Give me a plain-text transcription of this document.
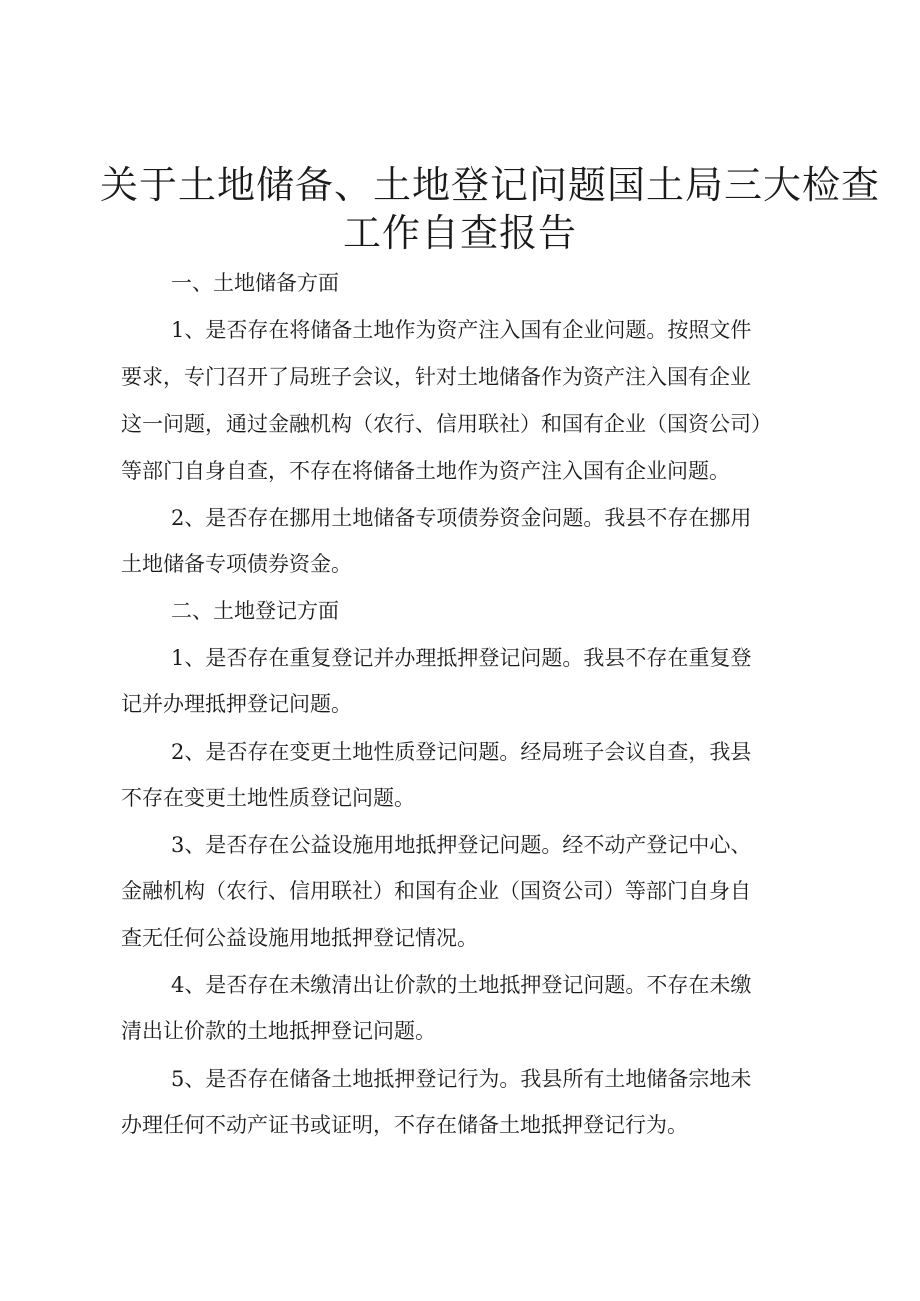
关于土地储备、土地登记问题国土局三大检查
工作自查报告

一、土地储备方面

1、是否存在将储备土地作为资产注入国有企业问题。按照文件

要求，专门召开了局班子会议，针对土地储备作为资产注入国有企业

这一问题，通过金融机构（农行、信用联社）和国有企业（国资公司）

等部门自身自查，不存在将储备土地作为资产注入国有企业问题。

2、是否存在挪用土地储备专项债券资金问题。我县不存在挪用

土地储备专项债券资金。

二、土地登记方面

1、是否存在重复登记并办理抵押登记问题。我县不存在重复登

记并办理抵押登记问题。

2、是否存在变更土地性质登记问题。经局班子会议自查，我县

不存在变更土地性质登记问题。

3、是否存在公益设施用地抵押登记问题。经不动产登记中心、

金融机构（农行、信用联社）和国有企业（国资公司）等部门自身自

查无任何公益设施用地抵押登记情况。

4、是否存在未缴清出让价款的土地抵押登记问题。不存在未缴

清出让价款的土地抵押登记问题。

5、是否存在储备土地抵押登记行为。我县所有土地储备宗地未

办理任何不动产证书或证明，不存在储备土地抵押登记行为。
